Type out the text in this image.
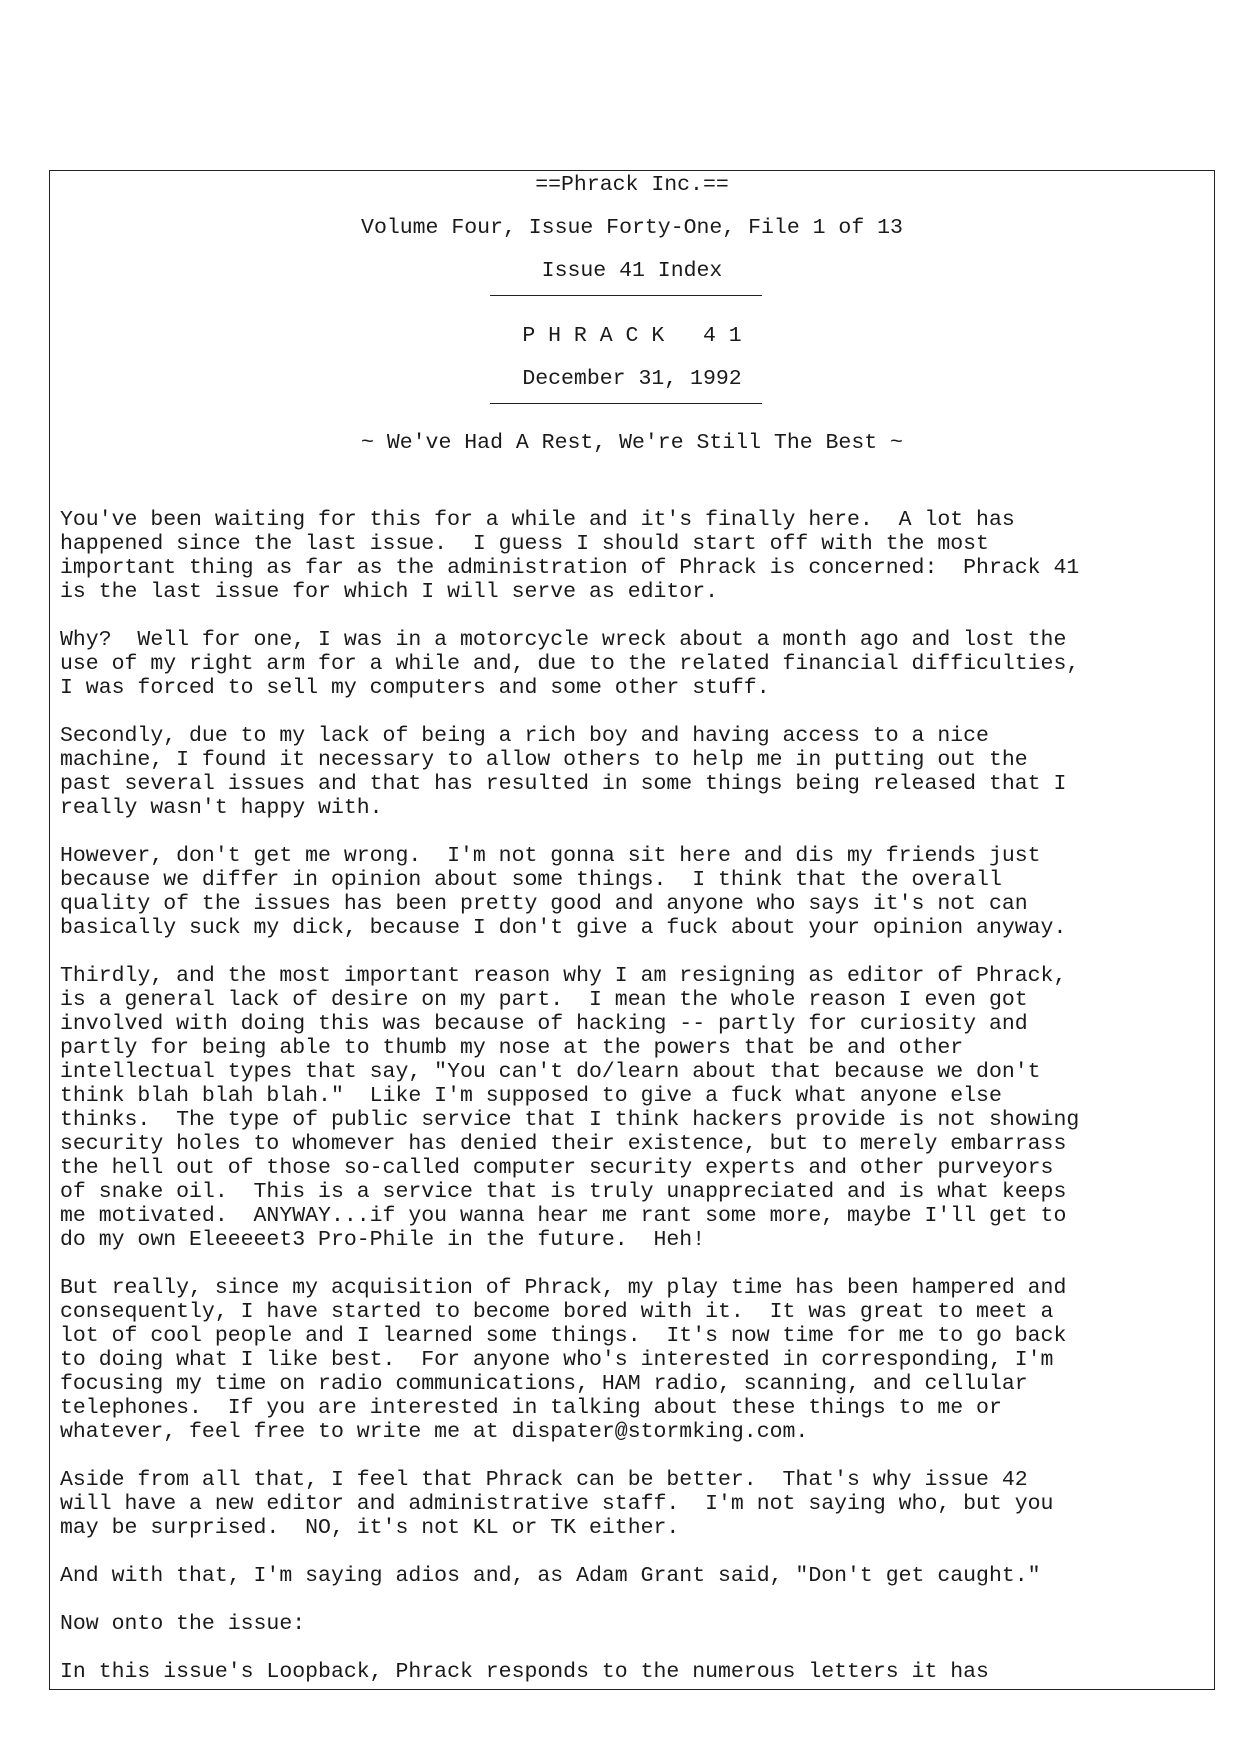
==Phrack Inc.==
Volume Four, Issue Forty-One, File 1 of 13
Issue 41 Index
P H R A C K   4 1
December 31, 1992
~ We've Had A Rest, We're Still The Best ~

You've been waiting for this for a while and it's finally here.  A lot has
happened since the last issue.  I guess I should start off with the most
important thing as far as the administration of Phrack is concerned:  Phrack 41
is the last issue for which I will serve as editor.

Why?  Well for one, I was in a motorcycle wreck about a month ago and lost the
use of my right arm for a while and, due to the related financial difficulties,
I was forced to sell my computers and some other stuff.

Secondly, due to my lack of being a rich boy and having access to a nice
machine, I found it necessary to allow others to help me in putting out the
past several issues and that has resulted in some things being released that I
really wasn't happy with.

However, don't get me wrong.  I'm not gonna sit here and dis my friends just
because we differ in opinion about some things.  I think that the overall
quality of the issues has been pretty good and anyone who says it's not can
basically suck my dick, because I don't give a fuck about your opinion anyway.

Thirdly, and the most important reason why I am resigning as editor of Phrack,
is a general lack of desire on my part.  I mean the whole reason I even got
involved with doing this was because of hacking -- partly for curiosity and
partly for being able to thumb my nose at the powers that be and other
intellectual types that say, "You can't do/learn about that because we don't
think blah blah blah."  Like I'm supposed to give a fuck what anyone else
thinks.  The type of public service that I think hackers provide is not showing
security holes to whomever has denied their existence, but to merely embarrass
the hell out of those so-called computer security experts and other purveyors
of snake oil.  This is a service that is truly unappreciated and is what keeps
me motivated.  ANYWAY...if you wanna hear me rant some more, maybe I'll get to
do my own Eleeeeet3 Pro-Phile in the future.  Heh!

But really, since my acquisition of Phrack, my play time has been hampered and
consequently, I have started to become bored with it.  It was great to meet a
lot of cool people and I learned some things.  It's now time for me to go back
to doing what I like best.  For anyone who's interested in corresponding, I'm
focusing my time on radio communications, HAM radio, scanning, and cellular
telephones.  If you are interested in talking about these things to me or
whatever, feel free to write me at dispater@stormking.com.

Aside from all that, I feel that Phrack can be better.  That's why issue 42
will have a new editor and administrative staff.  I'm not saying who, but you
may be surprised.  NO, it's not KL or TK either.

And with that, I'm saying adios and, as Adam Grant said, "Don't get caught."

Now onto the issue:

In this issue's Loopback, Phrack responds to the numerous letters it has
